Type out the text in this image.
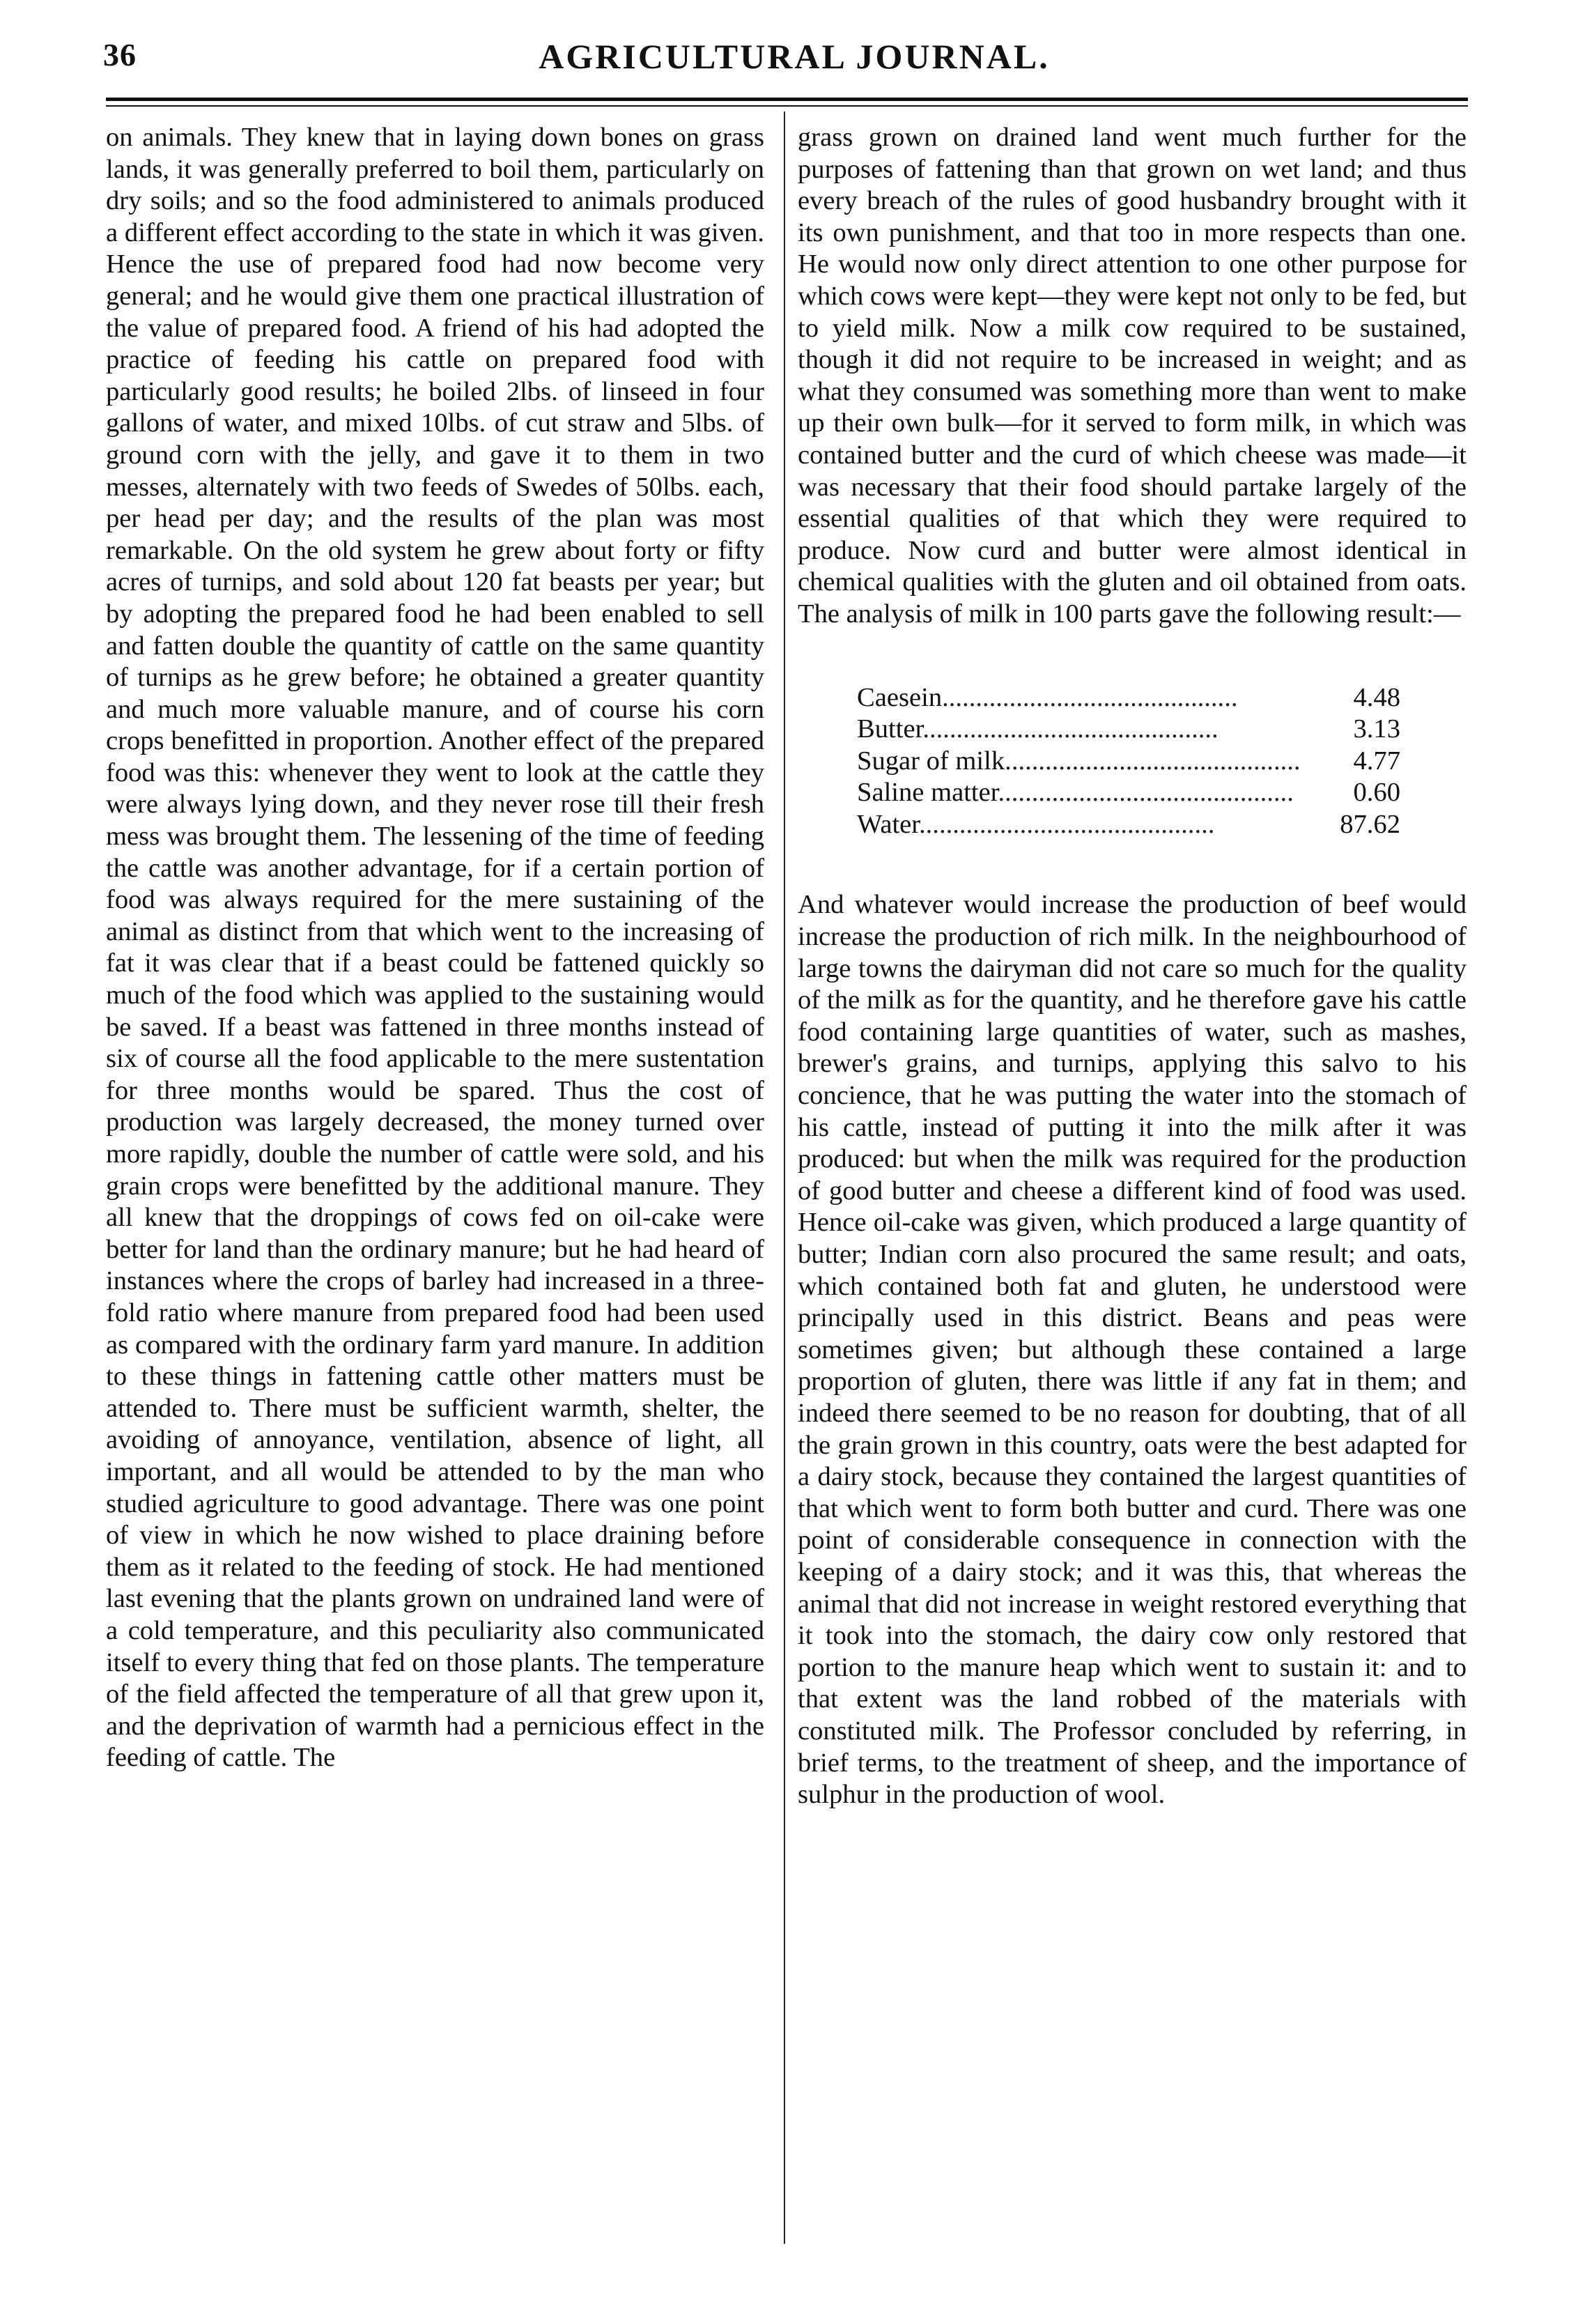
36	AGRICULTURAL JOURNAL.

on animals. They knew that in laying down bones on grass lands, it was generally preferred to boil them, particularly on dry soils; and so the food administered to animals produced a different effect according to the state in which it was given. Hence the use of prepared food had now become very general; and he would give them one practical illustration of the value of prepared food. A friend of his had adopted the practice of feeding his cattle on prepared food with particularly good results; he boiled 2lbs. of linseed in four gallons of water, and mixed 10lbs. of cut straw and 5lbs. of ground corn with the jelly, and gave it to them in two messes, alternately with two feeds of Swedes of 50lbs. each, per head per day; and the results of the plan was most remarkable. On the old system he grew about forty or fifty acres of turnips, and sold about 120 fat beasts per year; but by adopting the prepared food he had been enabled to sell and fatten double the quantity of cattle on the same quantity of turnips as he grew before; he obtained a greater quantity and much more valuable manure, and of course his corn crops benefitted in proportion. Another effect of the prepared food was this: whenever they went to look at the cattle they were always lying down, and they never rose till their fresh mess was brought them. The lessening of the time of feeding the cattle was another advantage, for if a certain portion of food was always required for the mere sustaining of the animal as distinct from that which went to the increasing of fat it was clear that if a beast could be fattened quickly so much of the food which was applied to the sustaining would be saved. If a beast was fattened in three months instead of six of course all the food applicable to the mere sustentation for three months would be spared. Thus the cost of production was largely decreased, the money turned over more rapidly, double the number of cattle were sold, and his grain crops were benefitted by the additional manure. They all knew that the droppings of cows fed on oil-cake were better for land than the ordinary manure; but he had heard of instances where the crops of barley had increased in a three-fold ratio where manure from prepared food had been used as compared with the ordinary farm yard manure. In addition to these things in fattening cattle other matters must be attended to. There must be sufficient warmth, shelter, the avoiding of annoyance, ventilation, absence of light, all important, and all would be attended to by the man who studied agriculture to good advantage. There was one point of view in which he now wished to place draining before them as it related to the feeding of stock. He had mentioned last evening that the plants grown on undrained land were of a cold temperature, and this peculiarity also communicated itself to every thing that fed on those plants. The temperature of the field affected the temperature of all that grew upon it, and the deprivation of warmth had a pernicious effect in the feeding of cattle. The

grass grown on drained land went much further for the purposes of fattening than that grown on wet land; and thus every breach of the rules of good husbandry brought with it its own punishment, and that too in more respects than one. He would now only direct attention to one other purpose for which cows were kept—they were kept not only to be fed, but to yield milk. Now a milk cow required to be sustained, though it did not require to be increased in weight; and as what they consumed was something more than went to make up their own bulk—for it served to form milk, in which was contained butter and the curd of which cheese was made—it was necessary that their food should partake largely of the essential qualities of that which they were required to produce. Now curd and butter were almost identical in chemical qualities with the gluten and oil obtained from oats. The analysis of milk in 100 parts gave the following result:—

Caesein............................................	4.48
Butter............................................	3.13
Sugar of milk............................................	4.77
Saline matter............................................	0.60
Water............................................	87.62

And whatever would increase the production of beef would increase the production of rich milk. In the neighbourhood of large towns the dairyman did not care so much for the quality of the milk as for the quantity, and he therefore gave his cattle food containing large quantities of water, such as mashes, brewer's grains, and turnips, applying this salvo to his concience, that he was putting the water into the stomach of his cattle, instead of putting it into the milk after it was produced: but when the milk was required for the production of good butter and cheese a different kind of food was used. Hence oil-cake was given, which produced a large quantity of butter; Indian corn also procured the same result; and oats, which contained both fat and gluten, he understood were principally used in this district. Beans and peas were sometimes given; but although these contained a large proportion of gluten, there was little if any fat in them; and indeed there seemed to be no reason for doubting, that of all the grain grown in this country, oats were the best adapted for a dairy stock, because they contained the largest quantities of that which went to form both butter and curd. There was one point of considerable consequence in connection with the keeping of a dairy stock; and it was this, that whereas the animal that did not increase in weight restored everything that it took into the stomach, the dairy cow only restored that portion to the manure heap which went to sustain it: and to that extent was the land robbed of the materials with constituted milk. The Professor concluded by referring, in brief terms, to the treatment of sheep, and the importance of sulphur in the production of wool.
